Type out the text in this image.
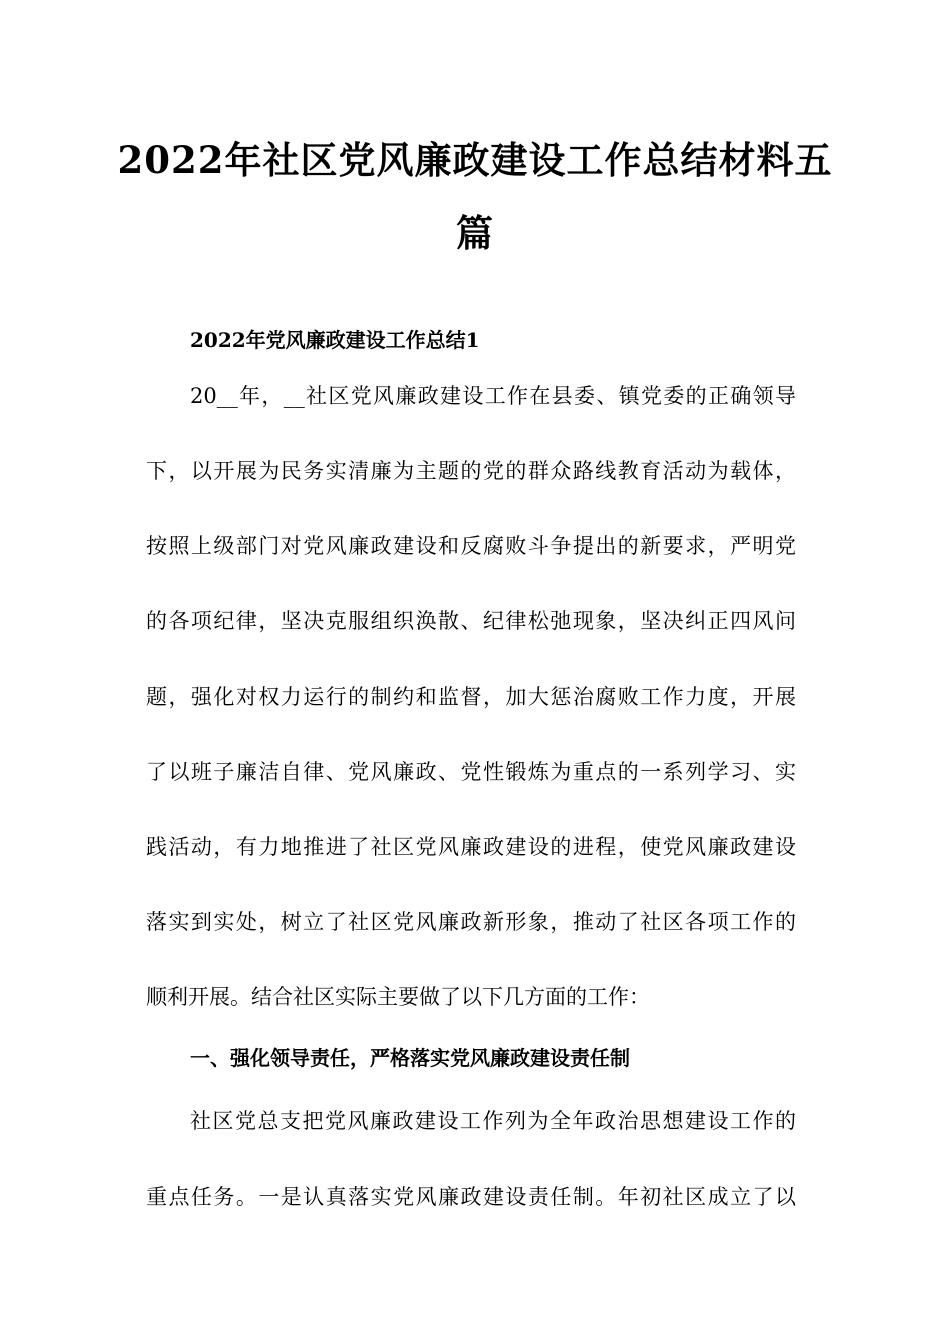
2022年社区党风廉政建设工作总结材料五
篇
2022年党风廉政建设工作总结1
20__年，__社区党风廉政建设工作在县委、镇党委的正确领导
下，以开展为民务实清廉为主题的党的群众路线教育活动为载体，
按照上级部门对党风廉政建设和反腐败斗争提出的新要求，严明党
的各项纪律，坚决克服组织涣散、纪律松弛现象，坚决纠正四风问
题，强化对权力运行的制约和监督，加大惩治腐败工作力度，开展
了以班子廉洁自律、党风廉政、党性锻炼为重点的一系列学习、实
践活动，有力地推进了社区党风廉政建设的进程，使党风廉政建设
落实到实处，树立了社区党风廉政新形象，推动了社区各项工作的
顺利开展。结合社区实际主要做了以下几方面的工作：
一、强化领导责任，严格落实党风廉政建设责任制
社区党总支把党风廉政建设工作列为全年政治思想建设工作的
重点任务。一是认真落实党风廉政建设责任制。年初社区成立了以
